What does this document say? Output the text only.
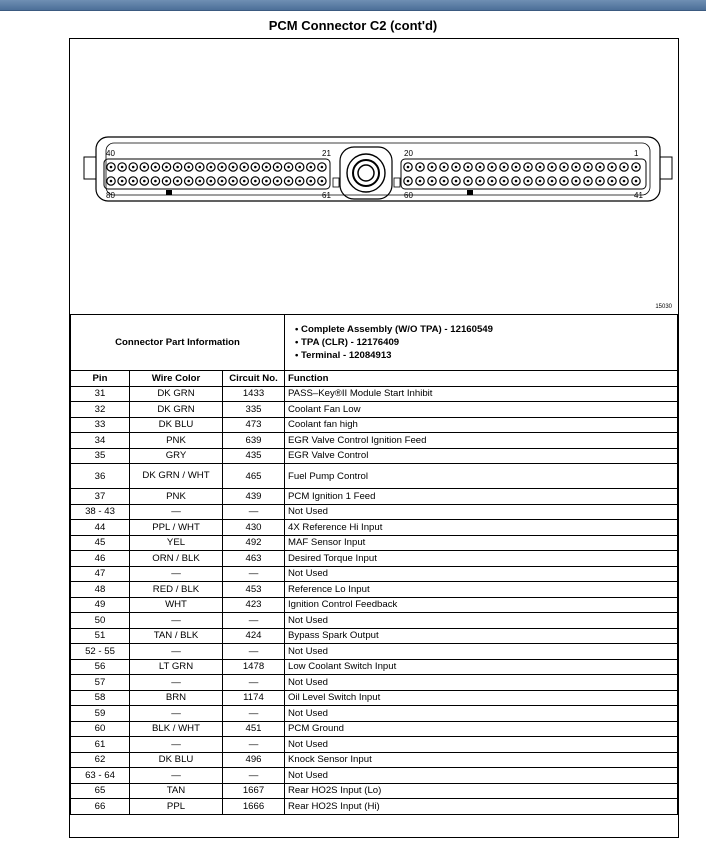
PCM Connector C2 (cont'd)
40	21
80	61
20	1
60	41
15030
Connector Part Information			• Complete Assembly (W/O TPA) - 12160549
• TPA (CLR) - 12176409
• Terminal - 12084913

Pin	Wire Color	Circuit No.	Function
31	DK GRN	1433	PASS–Key®II Module Start Inhibit
32	DK GRN	335	Coolant Fan Low
33	DK BLU	473	Coolant fan high
34	PNK	639	EGR Valve Control Ignition Feed
35	GRY	435	EGR Valve Control
36	DK GRN / WHT	465	Fuel Pump Control
37	PNK	439	PCM Ignition 1 Feed
38 - 43	—	—	Not Used
44	PPL / WHT	430	4X Reference Hi Input
45	YEL	492	MAF Sensor Input
46	ORN / BLK	463	Desired Torque Input
47	—	—	Not Used
48	RED / BLK	453	Reference Lo Input
49	WHT	423	Ignition Control Feedback
50	—	—	Not Used
51	TAN / BLK	424	Bypass Spark Output
52 - 55	—	—	Not Used
56	LT GRN	1478	Low Coolant Switch Input
57	—	—	Not Used
58	BRN	1174	Oil Level Switch Input
59	—	—	Not Used
60	BLK / WHT	451	PCM Ground
61	—	—	Not Used
62	DK BLU	496	Knock Sensor Input
63 - 64	—	—	Not Used
65	TAN	1667	Rear HO2S Input (Lo)
66	PPL	1666	Rear HO2S Input (Hi)
